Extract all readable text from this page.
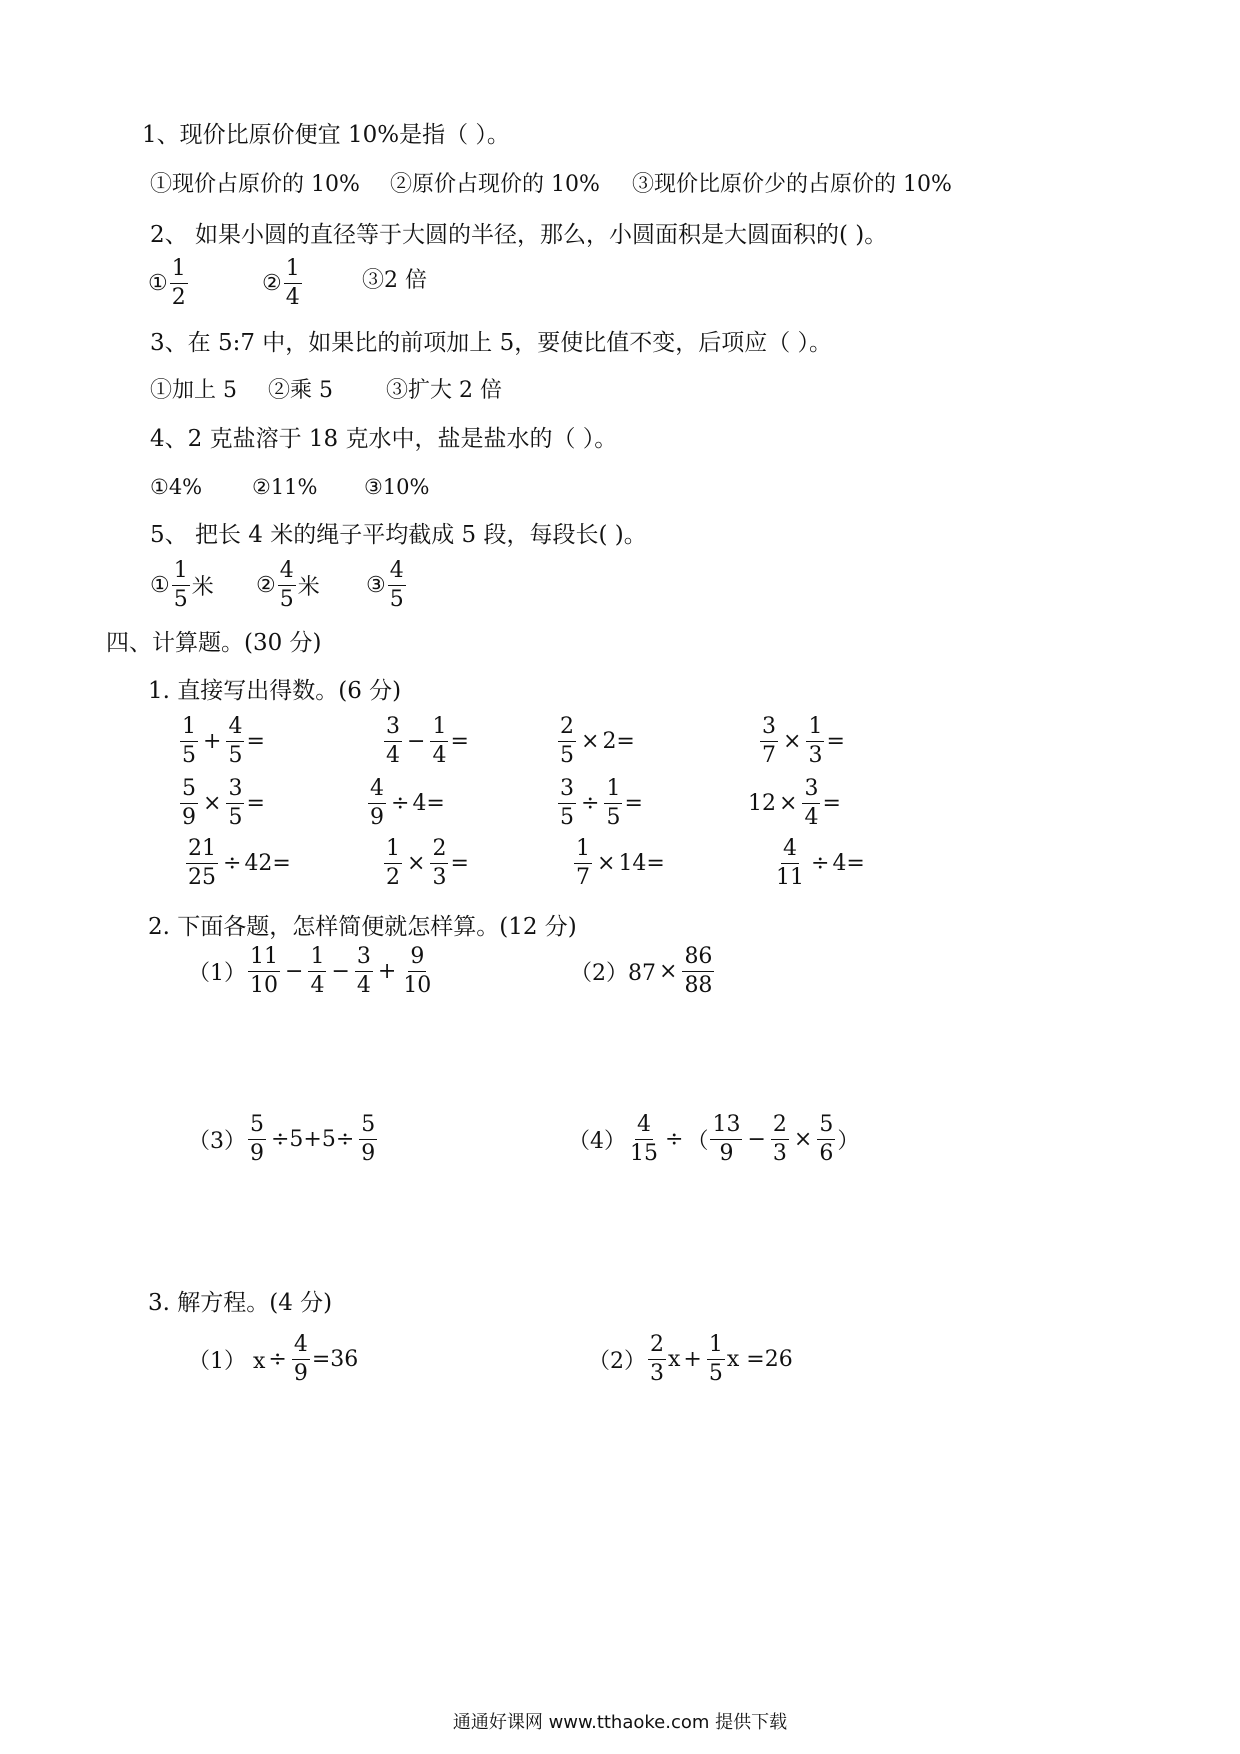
1、现价比原价便宜 10%是指（ ）。
①现价占原价的 10% ②原价占现价的 10% ③现价比原价少的占原价的 10%
2、 如果小圆的直径等于大圆的半径，那么，小圆面积是大圆面积的( )。
① $\frac{1}{2}$	② $\frac{1}{4}$	③2 倍
3、在 5:7 中，如果比的前项加上 5，要使比值不变，后项应（ ）。
①加上 5 ②乘 5 ③扩大 2 倍
4、2 克盐溶于 18 克水中，盐是盐水的（ ）。
①4% ②11% ③10%
5、 把长 4 米的绳子平均截成 5 段，每段长( )。
① $\frac{1}{5}$ 米 ② $\frac{4}{5}$ 米 ③ $\frac{4}{5}$
四、计算题。(30 分)
1. 直接写出得数。(6 分)
$\frac{1}{5} + \frac{4}{5}$ =	$\frac{3}{4} - \frac{1}{4}$ =	$\frac{2}{5} \times 2=$	$\frac{3}{7} \times \frac{1}{3}$ =
$\frac{5}{9} \times \frac{3}{5}$ =	$\frac{4}{9} \div 4=$	$\frac{3}{5} \div \frac{1}{5}$ =	$12 \times \frac{3}{4}$ =
$\frac{21}{25} \div 42=$	$\frac{1}{2} \times \frac{2}{3}$ =	$\frac{1}{7} \times 14=$	$\frac{4}{11} \div 4=$
2. 下面各题，怎样简便就怎样算。(12 分)
$(1) \frac{11}{10} - \frac{1}{4} - \frac{3}{4} + \frac{9}{10}$	$(2)87 \times \frac{86}{88}$
$(3) \frac{5}{9} \div 5+5\div \frac{5}{9}$	$(4) \frac{4}{15}$ ÷ （ $\frac{13}{9} - \frac{2}{3} \times \frac{5}{6}$ ）
3. 解方程。(4 分)
（1） $x \div \frac{4}{9} =36$	$(2) \frac{2}{3}$ $x + \frac{1}{5}$ x =26
通通好课网 www.tthaoke.com 提供下载
